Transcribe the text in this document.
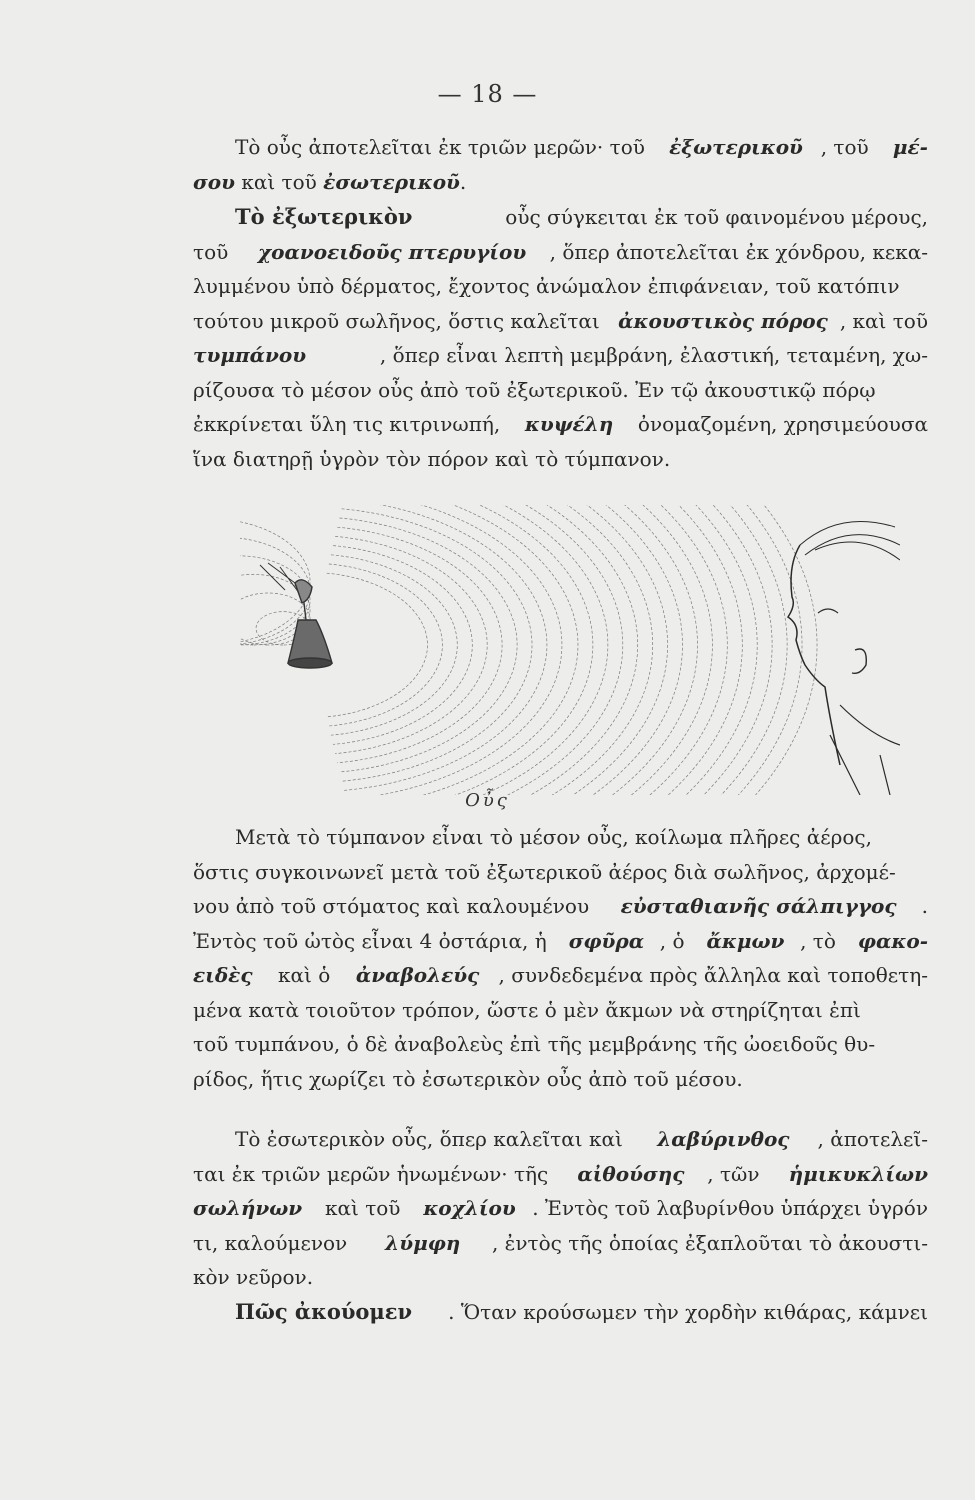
— 18 —
Τὸ οὖς ἀποτελεῖται ἐκ τριῶν μερῶν· τοῦ ἐξωτερικοῦ , τοῦ μέ-
σου καὶ τοῦ ἐσωτερικοῦ .
Τὸ ἐξωτερικὸν	οὖς σύγκειται ἐκ τοῦ φαινομένου μέρους,
τοῦ χοανοειδοῦς πτερυγίου , ὅπερ ἀποτελεῖται ἐκ χόνδρου, κεκα-
λυμμένου ὑπὸ δέρματος, ἔχοντος ἀνώμαλον ἐπιφάνειαν, τοῦ κατόπιν
τούτου μικροῦ σωλῆνος, ὅστις καλεῖται ἀκουστικὸς πόρος , καὶ τοῦ
τυμπάνου	, ὅπερ εἶναι λεπτὴ μεμβράνη, ἐλαστική, τεταμένη, χω-
ρίζουσα τὸ μέσον οὖς ἀπὸ τοῦ ἐξωτερικοῦ. Ἐν τῷ ἀκουστικῷ πόρῳ
ἐκκρίνεται ὕλη τις κιτρινωπή, κυψέλη ὀνομαζομένη, χρησιμεύουσα
ἵνα διατηρῇ ὑγρὸν τὸν πόρον καὶ τὸ τύμπανον.
Οὖς
Μετὰ τὸ τύμπανον εἶναι τὸ μέσον οὖς, κοίλωμα πλῆρες ἀέρος,
ὅστις συγκοινωνεῖ μετὰ τοῦ ἐξωτερικοῦ ἀέρος διὰ σωλῆνος, ἀρχομέ-
νου ἀπὸ τοῦ στόματος καὶ καλουμένου εὐσταθιανῆς σάλπιγγος .
Ἐντὸς τοῦ ὠτὸς εἶναι 4 ὀστάρια, ἡ σφῦρα , ὁ ἄκμων , τὸ φακο-
ειδὲς καὶ ὁ ἀναβολεύς , συνδεδεμένα πρὸς ἄλληλα καὶ τοποθετη-
μένα κατὰ τοιοῦτον τρόπον, ὥστε ὁ μὲν ἄκμων νὰ στηρίζηται ἐπὶ
τοῦ τυμπάνου, ὁ δὲ ἀναβολεὺς ἐπὶ τῆς μεμβράνης τῆς ὠοειδοῦς θυ-
ρίδος, ἥτις χωρίζει τὸ ἐσωτερικὸν οὖς ἀπὸ τοῦ μέσου.
Τὸ ἐσωτερικὸν οὖς, ὅπερ καλεῖται καὶ λαβύρινθος , ἀποτελεῖ-
ται ἐκ τριῶν μερῶν ἡνωμένων· τῆς αἰθούσης , τῶν ἡμικυκλίων
σωλήνων καὶ τοῦ κοχλίου . Ἐντὸς τοῦ λαβυρίνθου ὑπάρχει ὑγρόν
τι, καλούμενον λύμφη , ἐντὸς τῆς ὁποίας ἐξαπλοῦται τὸ ἀκουστι-
κὸν νεῦρον.
Πῶς ἀκούομεν . Ὅταν κρούσωμεν τὴν χορδὴν κιθάρας, κάμνει
